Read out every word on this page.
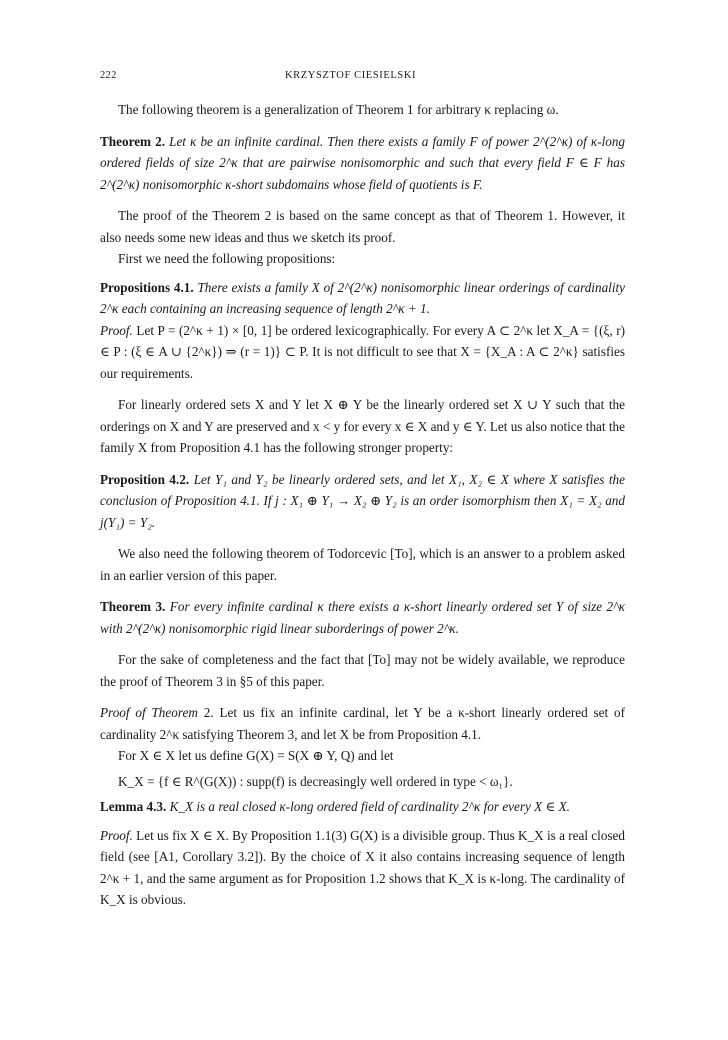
222	KRZYSZTOF CIESIELSKI

The following theorem is a generalization of Theorem 1 for arbitrary κ replacing ω.

Theorem 2. Let κ be an infinite cardinal. Then there exists a family F of power 2^(2^κ) of κ-long ordered fields of size 2^κ that are pairwise nonisomorphic and such that every field F ∈ F has 2^(2^κ) nonisomorphic κ-short subdomains whose field of quotients is F.

The proof of the Theorem 2 is based on the same concept as that of Theorem 1. However, it also needs some new ideas and thus we sketch its proof.

First we need the following propositions:

Propositions 4.1. There exists a family X of 2^(2^κ) nonisomorphic linear orderings of cardinality 2^κ each containing an increasing sequence of length 2^κ + 1.

Proof. Let P = (2^κ + 1) × [0, 1] be ordered lexicographically. For every A ⊂ 2^κ let X_A = {(ξ, r) ∈ P : (ξ ∈ A ∪ {2^κ}) ⇒ (r = 1)} ⊂ P. It is not difficult to see that X = {X_A : A ⊂ 2^κ} satisfies our requirements.

For linearly ordered sets X and Y let X ⊕ Y be the linearly ordered set X ∪ Y such that the orderings on X and Y are preserved and x < y for every x ∈ X and y ∈ Y. Let us also notice that the family X from Proposition 4.1 has the following stronger property:

Proposition 4.2. Let Y₁ and Y₂ be linearly ordered sets, and let X₁, X₂ ∈ X where X satisfies the conclusion of Proposition 4.1. If j : X₁ ⊕ Y₁ → X₂ ⊕ Y₂ is an order isomorphism then X₁ = X₂ and j(Y₁) = Y₂.

We also need the following theorem of Todorcevic [To], which is an answer to a problem asked in an earlier version of this paper.

Theorem 3. For every infinite cardinal κ there exists a κ-short linearly ordered set Y of size 2^κ with 2^(2^κ) nonisomorphic rigid linear suborderings of power 2^κ.

For the sake of completeness and the fact that [To] may not be widely available, we reproduce the proof of Theorem 3 in §5 of this paper.

Proof of Theorem 2. Let us fix an infinite cardinal, let Y be a κ-short linearly ordered set of cardinality 2^κ satisfying Theorem 3, and let X be from Proposition 4.1.

For X ∈ X let us define G(X) = S(X ⊕ Y, Q) and let

K_X = {f ∈ R^(G(X)) : supp(f) is decreasingly well ordered in type < ω₁}.

Lemma 4.3. K_X is a real closed κ-long ordered field of cardinality 2^κ for every X ∈ X.

Proof. Let us fix X ∈ X. By Proposition 1.1(3) G(X) is a divisible group. Thus K_X is a real closed field (see [A1, Corollary 3.2]). By the choice of X it also contains increasing sequence of length 2^κ + 1, and the same argument as for Proposition 1.2 shows that K_X is κ-long. The cardinality of K_X is obvious.
